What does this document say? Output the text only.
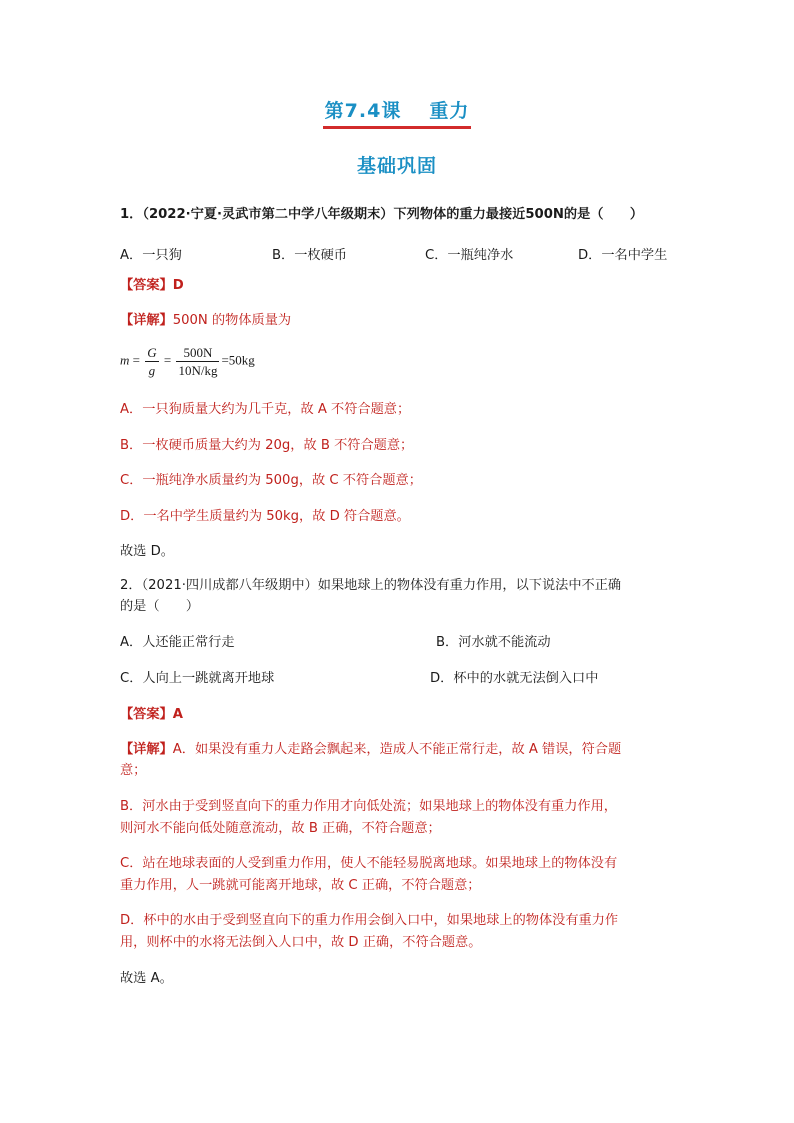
第7.4课 重力
基础巩固
1．（2022·宁夏·灵武市第二中学八年级期末）下列物体的重力最接近500N的是（　　）
A．一只狗	B．一枚硬币	C．一瓶纯净水	D．一名中学生
【答案】D
【详解】500N 的物体质量为
$m = \frac{G}{g} = \frac{500N}{10N/kg} =50kg$
A．一只狗质量大约为几千克，故 A 不符合题意；
B．一枚硬币质量大约为 20g，故 B 不符合题意；
C．一瓶纯净水质量约为 500g，故 C 不符合题意；
D．一名中学生质量约为 50kg，故 D 符合题意。
故选 D。
2．（2021·四川成都八年级期中）如果地球上的物体没有重力作用，以下说法中不正确
的是（　　）
A．人还能正常行走	B．河水就不能流动
C．人向上一跳就离开地球	D．杯中的水就无法倒入口中
【答案】A
【详解】A．如果没有重力人走路会飘起来，造成人不能正常行走，故 A 错误，符合题
意；
B．河水由于受到竖直向下的重力作用才向低处流；如果地球上的物体没有重力作用，
则河水不能向低处随意流动，故 B 正确，不符合题意；
C．站在地球表面的人受到重力作用，使人不能轻易脱离地球。如果地球上的物体没有
重力作用，人一跳就可能离开地球，故 C 正确，不符合题意；
D．杯中的水由于受到竖直向下的重力作用会倒入口中，如果地球上的物体没有重力作
用，则杯中的水将无法倒入人口中，故 D 正确，不符合题意。
故选 A。
